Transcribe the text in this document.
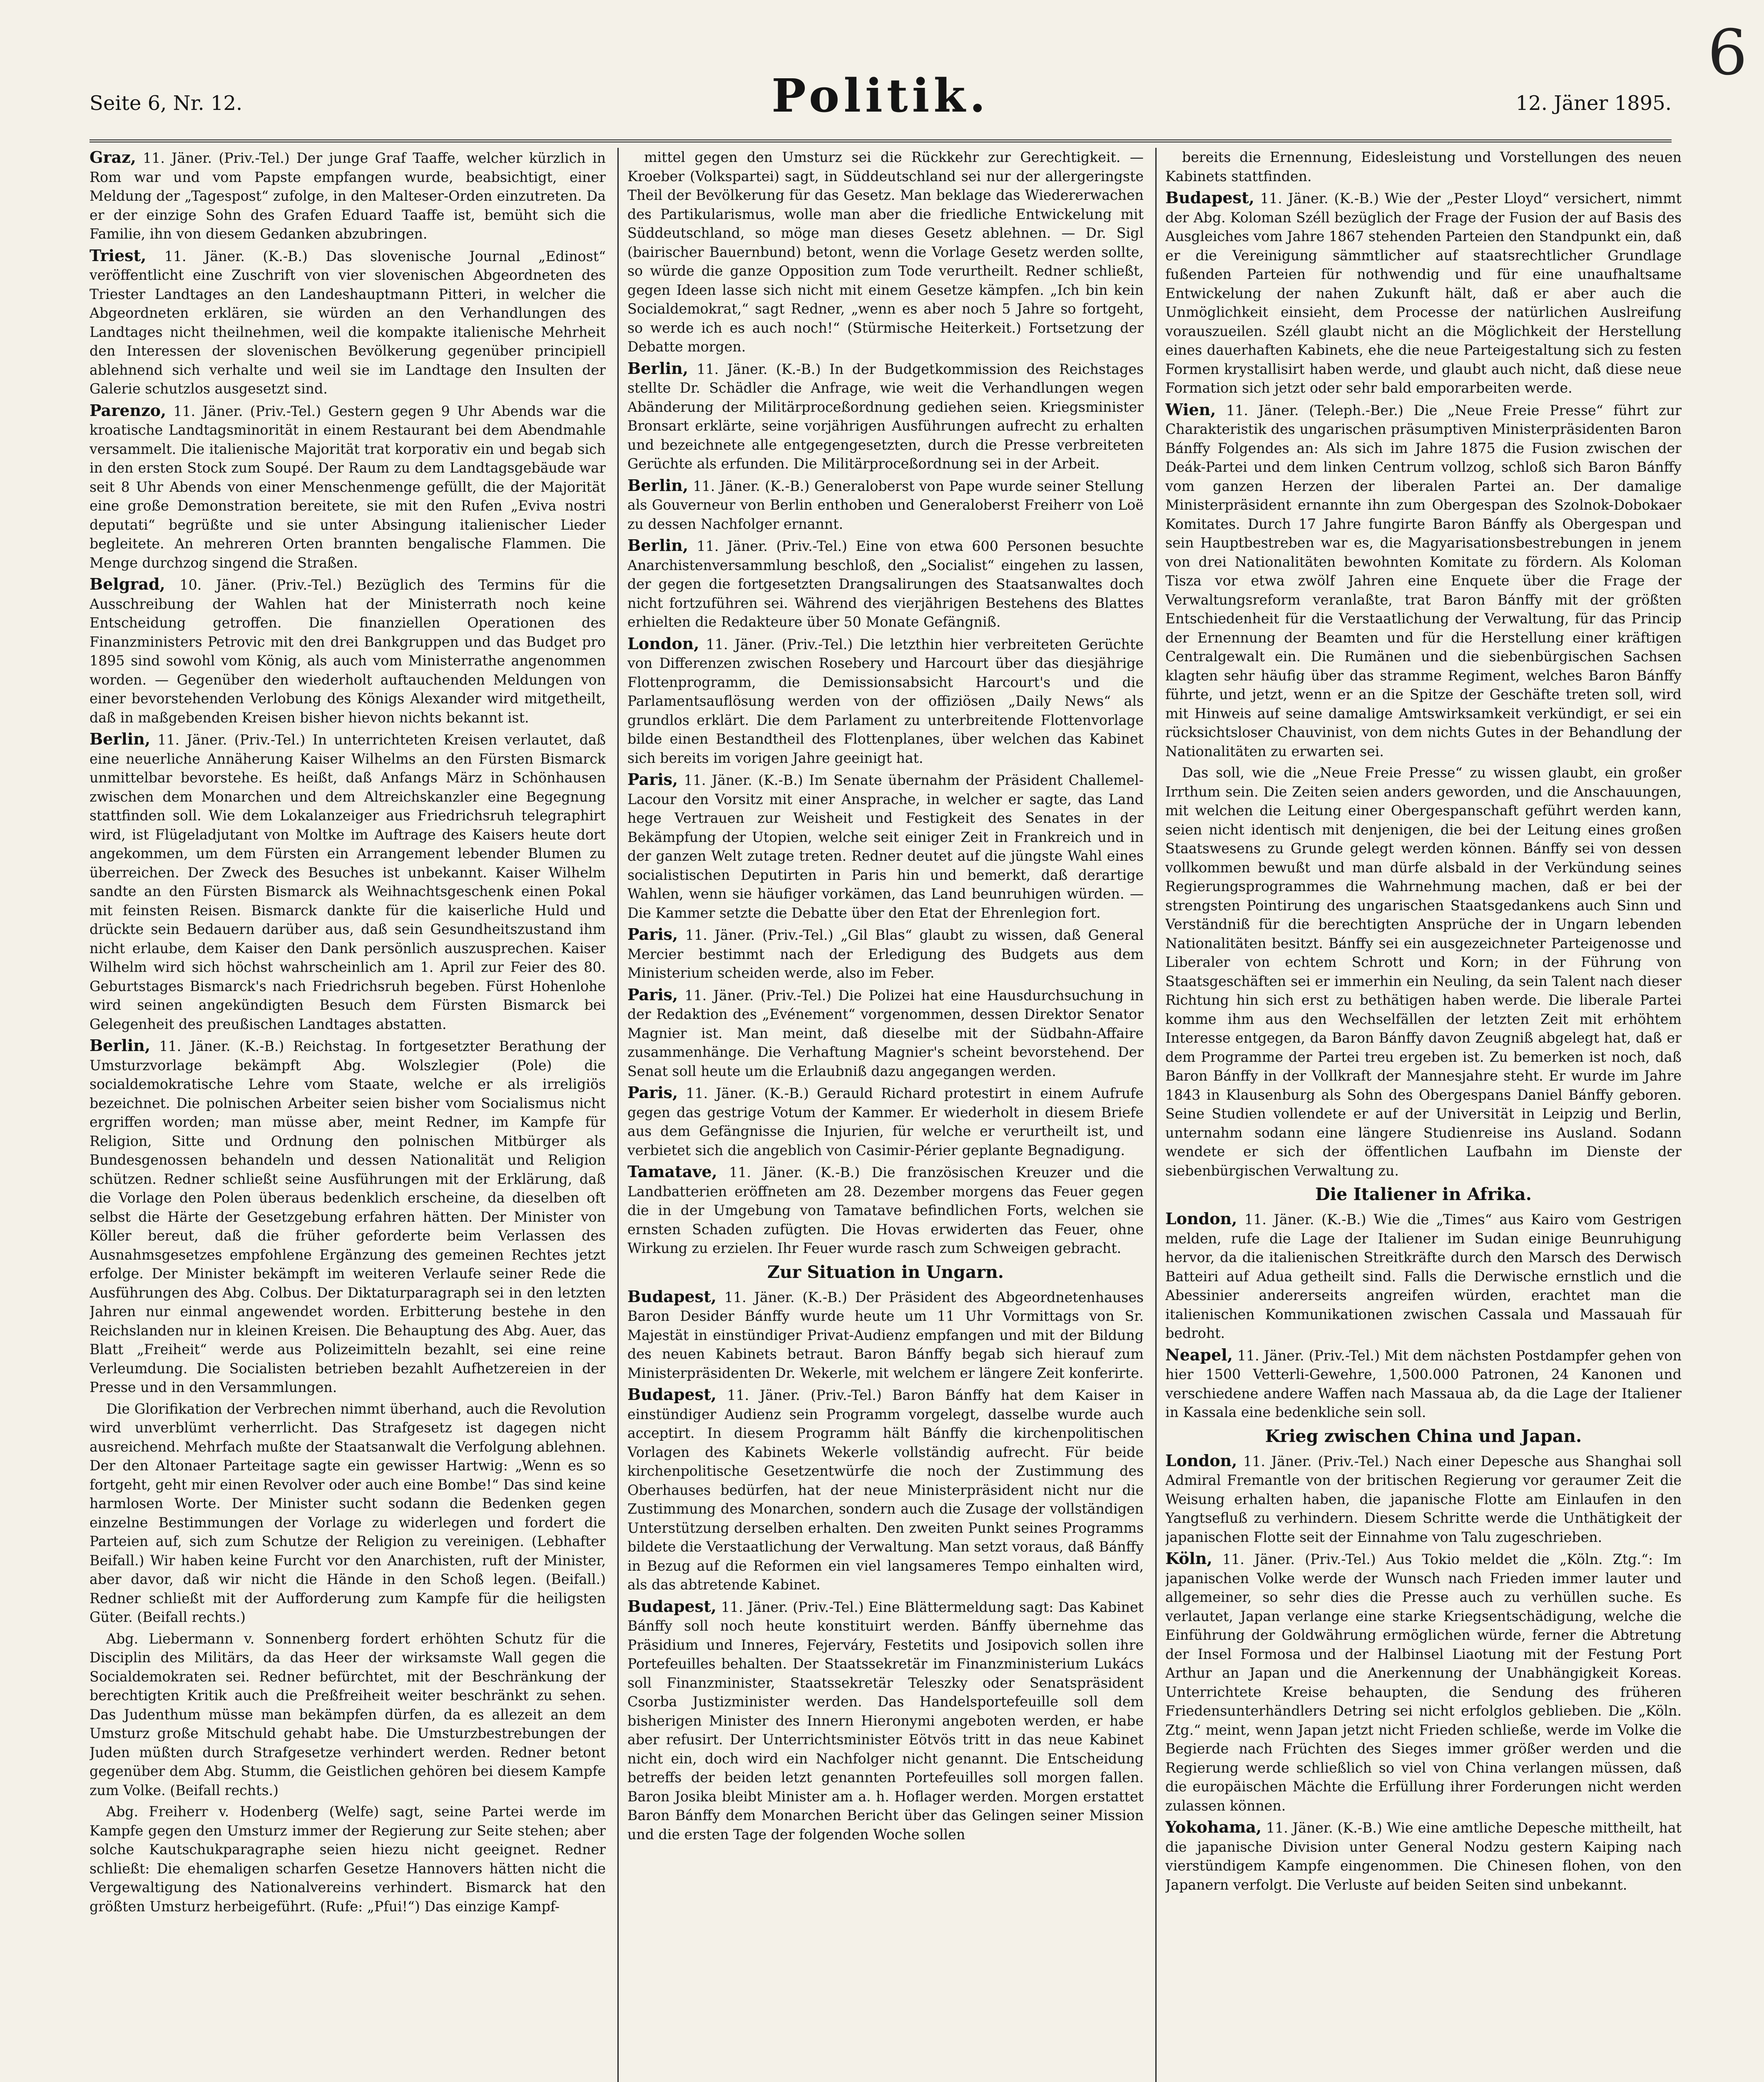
Seite 6, Nr. 12.	Politik.	12. Jäner 1895.
6

Graz, 11. Jäner. (Priv.-Tel.) Der junge Graf Taaffe, welcher kürzlich in Rom war und vom Papste empfangen wurde, beabsichtigt, einer Meldung der „Tagespost“ zufolge, in den Malteser-Orden einzutreten. Da er der einzige Sohn des Grafen Eduard Taaffe ist, bemüht sich die Familie, ihn von diesem Gedanken abzubringen.

Triest, 11. Jäner. (K.-B.) Das slovenische Journal „Edinost“ veröffentlicht eine Zuschrift von vier slovenischen Abgeordneten des Triester Landtages an den Landeshauptmann Pitteri, in welcher die Abgeordneten erklären, sie würden an den Verhandlungen des Landtages nicht theilnehmen, weil die kompakte italienische Mehrheit den Interessen der slovenischen Bevölkerung gegenüber principiell ablehnend sich verhalte und weil sie im Landtage den Insulten der Galerie schutzlos ausgesetzt sind.

Parenzo, 11. Jäner. (Priv.-Tel.) Gestern gegen 9 Uhr Abends war die kroatische Landtagsminorität in einem Restaurant bei dem Abendmahle versammelt. Die italienische Majorität trat korporativ ein und begab sich in den ersten Stock zum Soupé. Der Raum zu dem Landtagsgebäude war seit 8 Uhr Abends von einer Menschenmenge gefüllt, die der Majorität eine große Demonstration bereitete, sie mit den Rufen „Eviva nostri deputati“ begrüßte und sie unter Absingung italienischer Lieder begleitete. An mehreren Orten brannten bengalische Flammen. Die Menge durchzog singend die Straßen.

Belgrad, 10. Jäner. (Priv.-Tel.) Bezüglich des Termins für die Ausschreibung der Wahlen hat der Ministerrath noch keine Entscheidung getroffen. Die finanziellen Operationen des Finanzministers Petrovic mit den drei Bankgruppen und das Budget pro 1895 sind sowohl vom König, als auch vom Ministerrathe angenommen worden. — Gegenüber den wiederholt auftauchenden Meldungen von einer bevorstehenden Verlobung des Königs Alexander wird mitgetheilt, daß in maßgebenden Kreisen bisher hievon nichts bekannt ist.

Berlin, 11. Jäner. (Priv.-Tel.) In unterrichteten Kreisen verlautet, daß eine neuerliche Annäherung Kaiser Wilhelms an den Fürsten Bismarck unmittelbar bevorstehe. Es heißt, daß Anfangs März in Schönhausen zwischen dem Monarchen und dem Altreichskanzler eine Begegnung stattfinden soll. Wie dem Lokalanzeiger aus Friedrichsruh telegraphirt wird, ist Flügeladjutant von Moltke im Auftrage des Kaisers heute dort angekommen, um dem Fürsten ein Arrangement lebender Blumen zu überreichen. Der Zweck des Besuches ist unbekannt. Kaiser Wilhelm sandte an den Fürsten Bismarck als Weihnachtsgeschenk einen Pokal mit feinsten Reisen. Bismarck dankte für die kaiserliche Huld und drückte sein Bedauern darüber aus, daß sein Gesundheitszustand ihm nicht erlaube, dem Kaiser den Dank persönlich auszusprechen. Kaiser Wilhelm wird sich höchst wahrscheinlich am 1. April zur Feier des 80. Geburtstages Bismarck's nach Friedrichsruh begeben. Fürst Hohenlohe wird seinen angekündigten Besuch dem Fürsten Bismarck bei Gelegenheit des preußischen Landtages abstatten.

Berlin, 11. Jäner. (K.-B.) Reichstag. In fortgesetzter Berathung der Umsturzvorlage bekämpft Abg. Wolszlegier (Pole) die socialdemokratische Lehre vom Staate, welche er als irreligiös bezeichnet. Die polnischen Arbeiter seien bisher vom Socialismus nicht ergriffen worden; man müsse aber, meint Redner, im Kampfe für Religion, Sitte und Ordnung den polnischen Mitbürger als Bundesgenossen behandeln und dessen Nationalität und Religion schützen. Redner schließt seine Ausführungen mit der Erklärung, daß die Vorlage den Polen überaus bedenklich erscheine, da dieselben oft selbst die Härte der Gesetzgebung erfahren hätten. Der Minister von Köller bereut, daß die früher geforderte beim Verlassen des Ausnahmsgesetzes empfohlene Ergänzung des gemeinen Rechtes jetzt erfolge. Der Minister bekämpft im weiteren Verlaufe seiner Rede die Ausführungen des Abg. Colbus. Der Diktaturparagraph sei in den letzten Jahren nur einmal angewendet worden. Erbitterung bestehe in den Reichslanden nur in kleinen Kreisen. Die Behauptung des Abg. Auer, das Blatt „Freiheit“ werde aus Polizeimitteln bezahlt, sei eine reine Verleumdung. Die Socialisten betrieben bezahlt Aufhetzereien in der Presse und in den Versammlungen.

Die Glorifikation der Verbrechen nimmt überhand, auch die Revolution wird unverblümt verherrlicht. Das Strafgesetz ist dagegen nicht ausreichend. Mehrfach mußte der Staatsanwalt die Verfolgung ablehnen. Der den Altonaer Parteitage sagte ein gewisser Hartwig: „Wenn es so fortgeht, geht mir einen Revolver oder auch eine Bombe!“ Das sind keine harmlosen Worte. Der Minister sucht sodann die Bedenken gegen einzelne Bestimmungen der Vorlage zu widerlegen und fordert die Parteien auf, sich zum Schutze der Religion zu vereinigen. (Lebhafter Beifall.) Wir haben keine Furcht vor den Anarchisten, ruft der Minister, aber davor, daß wir nicht die Hände in den Schoß legen. (Beifall.) Redner schließt mit der Aufforderung zum Kampfe für die heiligsten Güter. (Beifall rechts.)

Abg. Liebermann v. Sonnenberg fordert erhöhten Schutz für die Disciplin des Militärs, da das Heer der wirksamste Wall gegen die Socialdemokraten sei. Redner befürchtet, mit der Beschränkung der berechtigten Kritik auch die Preßfreiheit weiter beschränkt zu sehen. Das Judenthum müsse man bekämpfen dürfen, da es allezeit an dem Umsturz große Mitschuld gehabt habe. Die Umsturzbestrebungen der Juden müßten durch Strafgesetze verhindert werden. Redner betont gegenüber dem Abg. Stumm, die Geistlichen gehören bei diesem Kampfe zum Volke. (Beifall rechts.)

Abg. Freiherr v. Hodenberg (Welfe) sagt, seine Partei werde im Kampfe gegen den Umsturz immer der Regierung zur Seite stehen; aber solche Kautschukparagraphe seien hiezu nicht geeignet. Redner schließt: Die ehemaligen scharfen Gesetze Hannovers hätten nicht die Vergewaltigung des Nationalvereins verhindert. Bismarck hat den größten Umsturz herbeigeführt. (Rufe: „Pfui!“) Das einzige Kampf-

mittel gegen den Umsturz sei die Rückkehr zur Gerechtigkeit. — Kroeber (Volkspartei) sagt, in Süddeutschland sei nur der allergeringste Theil der Bevölkerung für das Gesetz. Man beklage das Wiedererwachen des Partikularismus, wolle man aber die friedliche Entwickelung mit Süddeutschland, so möge man dieses Gesetz ablehnen. — Dr. Sigl (bairischer Bauernbund) betont, wenn die Vorlage Gesetz werden sollte, so würde die ganze Opposition zum Tode verurtheilt. Redner schließt, gegen Ideen lasse sich nicht mit einem Gesetze kämpfen. „Ich bin kein Socialdemokrat,“ sagt Redner, „wenn es aber noch 5 Jahre so fortgeht, so werde ich es auch noch!“ (Stürmische Heiterkeit.) Fortsetzung der Debatte morgen.

Berlin, 11. Jäner. (K.-B.) In der Budgetkommission des Reichstages stellte Dr. Schädler die Anfrage, wie weit die Verhandlungen wegen Abänderung der Militärproceßordnung gediehen seien. Kriegsminister Bronsart erklärte, seine vorjährigen Ausführungen aufrecht zu erhalten und bezeichnete alle entgegengesetzten, durch die Presse verbreiteten Gerüchte als erfunden. Die Militärproceßordnung sei in der Arbeit.

Berlin, 11. Jäner. (K.-B.) Generaloberst von Pape wurde seiner Stellung als Gouverneur von Berlin enthoben und Generaloberst Freiherr von Loë zu dessen Nachfolger ernannt.

Berlin, 11. Jäner. (Priv.-Tel.) Eine von etwa 600 Personen besuchte Anarchistenversammlung beschloß, den „Socialist“ eingehen zu lassen, der gegen die fortgesetzten Drangsalirungen des Staatsanwaltes doch nicht fortzuführen sei. Während des vierjährigen Bestehens des Blattes erhielten die Redakteure über 50 Monate Gefängniß.

London, 11. Jäner. (Priv.-Tel.) Die letzthin hier verbreiteten Gerüchte von Differenzen zwischen Rosebery und Harcourt über das diesjährige Flottenprogramm, die Demissionsabsicht Harcourt's und die Parlamentsauflösung werden von der offiziösen „Daily News“ als grundlos erklärt. Die dem Parlament zu unterbreitende Flottenvorlage bilde einen Bestandtheil des Flottenplanes, über welchen das Kabinet sich bereits im vorigen Jahre geeinigt hat.

Paris, 11. Jäner. (K.-B.) Im Senate übernahm der Präsident Challemel-Lacour den Vorsitz mit einer Ansprache, in welcher er sagte, das Land hege Vertrauen zur Weisheit und Festigkeit des Senates in der Bekämpfung der Utopien, welche seit einiger Zeit in Frankreich und in der ganzen Welt zutage treten. Redner deutet auf die jüngste Wahl eines socialistischen Deputirten in Paris hin und bemerkt, daß derartige Wahlen, wenn sie häufiger vorkämen, das Land beunruhigen würden. — Die Kammer setzte die Debatte über den Etat der Ehrenlegion fort.

Paris, 11. Jäner. (Priv.-Tel.) „Gil Blas“ glaubt zu wissen, daß General Mercier bestimmt nach der Erledigung des Budgets aus dem Ministerium scheiden werde, also im Feber.

Paris, 11. Jäner. (Priv.-Tel.) Die Polizei hat eine Hausdurchsuchung in der Redaktion des „Evénement“ vorgenommen, dessen Direktor Senator Magnier ist. Man meint, daß dieselbe mit der Südbahn-Affaire zusammenhänge. Die Verhaftung Magnier's scheint bevorstehend. Der Senat soll heute um die Erlaubniß dazu angegangen werden.

Paris, 11. Jäner. (K.-B.) Gerauld Richard protestirt in einem Aufrufe gegen das gestrige Votum der Kammer. Er wiederholt in diesem Briefe aus dem Gefängnisse die Injurien, für welche er verurtheilt ist, und verbietet sich die angeblich von Casimir-Périer geplante Begnadigung.

Tamatave, 11. Jäner. (K.-B.) Die französischen Kreuzer und die Landbatterien eröffneten am 28. Dezember morgens das Feuer gegen die in der Umgebung von Tamatave befindlichen Forts, welchen sie ernsten Schaden zufügten. Die Hovas erwiderten das Feuer, ohne Wirkung zu erzielen. Ihr Feuer wurde rasch zum Schweigen gebracht.

Zur Situation in Ungarn.

Budapest, 11. Jäner. (K.-B.) Der Präsident des Abgeordnetenhauses Baron Desider Bánffy wurde heute um 11 Uhr Vormittags von Sr. Majestät in einstündiger Privat-Audienz empfangen und mit der Bildung des neuen Kabinets betraut. Baron Bánffy begab sich hierauf zum Ministerpräsidenten Dr. Wekerle, mit welchem er längere Zeit konferirte.

Budapest, 11. Jäner. (Priv.-Tel.) Baron Bánffy hat dem Kaiser in einstündiger Audienz sein Programm vorgelegt, dasselbe wurde auch acceptirt. In diesem Programm hält Bánffy die kirchenpolitischen Vorlagen des Kabinets Wekerle vollständig aufrecht. Für beide kirchenpolitische Gesetzentwürfe die noch der Zustimmung des Oberhauses bedürfen, hat der neue Ministerpräsident nicht nur die Zustimmung des Monarchen, sondern auch die Zusage der vollständigen Unterstützung derselben erhalten. Den zweiten Punkt seines Programms bildete die Verstaatlichung der Verwaltung. Man setzt voraus, daß Bánffy in Bezug auf die Reformen ein viel langsameres Tempo einhalten wird, als das abtretende Kabinet.

Budapest, 11. Jäner. (Priv.-Tel.) Eine Blättermeldung sagt: Das Kabinet Bánffy soll noch heute konstituirt werden. Bánffy übernehme das Präsidium und Inneres, Fejerváry, Festetits und Josipovich sollen ihre Portefeuilles behalten. Der Staatssekretär im Finanzministerium Lukács soll Finanzminister, Staatssekretär Teleszky oder Senatspräsident Csorba Justizminister werden. Das Handelsportefeuille soll dem bisherigen Minister des Innern Hieronymi angeboten werden, er habe aber refusirt. Der Unterrichtsminister Eötvös tritt in das neue Kabinet nicht ein, doch wird ein Nachfolger nicht genannt. Die Entscheidung betreffs der beiden letzt genannten Portefeuilles soll morgen fallen. Baron Josika bleibt Minister am a. h. Hoflager werden. Morgen erstattet Baron Bánffy dem Monarchen Bericht über das Gelingen seiner Mission und die ersten Tage der folgenden Woche sollen

bereits die Ernennung, Eidesleistung und Vorstellungen des neuen Kabinets stattfinden.

Budapest, 11. Jäner. (K.-B.) Wie der „Pester Lloyd“ versichert, nimmt der Abg. Koloman Széll bezüglich der Frage der Fusion der auf Basis des Ausgleiches vom Jahre 1867 stehenden Parteien den Standpunkt ein, daß er die Vereinigung sämmtlicher auf staatsrechtlicher Grundlage fußenden Parteien für nothwendig und für eine unaufhaltsame Entwickelung der nahen Zukunft hält, daß er aber auch die Unmöglichkeit einsieht, dem Processe der natürlichen Auslreifung vorauszueilen. Széll glaubt nicht an die Möglichkeit der Herstellung eines dauerhaften Kabinets, ehe die neue Parteigestaltung sich zu festen Formen krystallisirt haben werde, und glaubt auch nicht, daß diese neue Formation sich jetzt oder sehr bald emporarbeiten werde.

Wien, 11. Jäner. (Teleph.-Ber.) Die „Neue Freie Presse“ führt zur Charakteristik des ungarischen präsumptiven Ministerpräsidenten Baron Bánffy Folgendes an: Als sich im Jahre 1875 die Fusion zwischen der Deák-Partei und dem linken Centrum vollzog, schloß sich Baron Bánffy vom ganzen Herzen der liberalen Partei an. Der damalige Ministerpräsident ernannte ihn zum Obergespan des Szolnok-Dobokaer Komitates. Durch 17 Jahre fungirte Baron Bánffy als Obergespan und sein Hauptbestreben war es, die Magyarisationsbestrebungen in jenem von drei Nationalitäten bewohnten Komitate zu fördern. Als Koloman Tisza vor etwa zwölf Jahren eine Enquete über die Frage der Verwaltungsreform veranlaßte, trat Baron Bánffy mit der größten Entschiedenheit für die Verstaatlichung der Verwaltung, für das Princip der Ernennung der Beamten und für die Herstellung einer kräftigen Centralgewalt ein. Die Rumänen und die siebenbürgischen Sachsen klagten sehr häufig über das stramme Regiment, welches Baron Bánffy führte, und jetzt, wenn er an die Spitze der Geschäfte treten soll, wird mit Hinweis auf seine damalige Amtswirksamkeit verkündigt, er sei ein rücksichtsloser Chauvinist, von dem nichts Gutes in der Behandlung der Nationalitäten zu erwarten sei.

Das soll, wie die „Neue Freie Presse“ zu wissen glaubt, ein großer Irrthum sein. Die Zeiten seien anders geworden, und die Anschauungen, mit welchen die Leitung einer Obergespanschaft geführt werden kann, seien nicht identisch mit denjenigen, die bei der Leitung eines großen Staatswesens zu Grunde gelegt werden können. Bánffy sei von dessen vollkommen bewußt und man dürfe alsbald in der Verkündung seines Regierungsprogrammes die Wahrnehmung machen, daß er bei der strengsten Pointirung des ungarischen Staatsgedankens auch Sinn und Verständniß für die berechtigten Ansprüche der in Ungarn lebenden Nationalitäten besitzt. Bánffy sei ein ausgezeichneter Parteigenosse und Liberaler von echtem Schrott und Korn; in der Führung von Staatsgeschäften sei er immerhin ein Neuling, da sein Talent nach dieser Richtung hin sich erst zu bethätigen haben werde. Die liberale Partei komme ihm aus den Wechselfällen der letzten Zeit mit erhöhtem Interesse entgegen, da Baron Bánffy davon Zeugniß abgelegt hat, daß er dem Programme der Partei treu ergeben ist. Zu bemerken ist noch, daß Baron Bánffy in der Vollkraft der Mannesjahre steht. Er wurde im Jahre 1843 in Klausenburg als Sohn des Obergespans Daniel Bánffy geboren. Seine Studien vollendete er auf der Universität in Leipzig und Berlin, unternahm sodann eine längere Studienreise ins Ausland. Sodann wendete er sich der öffentlichen Laufbahn im Dienste der siebenbürgischen Verwaltung zu.

Die Italiener in Afrika.

London, 11. Jäner. (K.-B.) Wie die „Times“ aus Kairo vom Gestrigen melden, rufe die Lage der Italiener im Sudan einige Beunruhigung hervor, da die italienischen Streitkräfte durch den Marsch des Derwisch Batteiri auf Adua getheilt sind. Falls die Derwische ernstlich und die Abessinier andererseits angreifen würden, erachtet man die italienischen Kommunikationen zwischen Cassala und Massauah für bedroht.

Neapel, 11. Jäner. (Priv.-Tel.) Mit dem nächsten Postdampfer gehen von hier 1500 Vetterli-Gewehre, 1,500.000 Patronen, 24 Kanonen und verschiedene andere Waffen nach Massaua ab, da die Lage der Italiener in Kassala eine bedenkliche sein soll.

Krieg zwischen China und Japan.

London, 11. Jäner. (Priv.-Tel.) Nach einer Depesche aus Shanghai soll Admiral Fremantle von der britischen Regierung vor geraumer Zeit die Weisung erhalten haben, die japanische Flotte am Einlaufen in den Yangtsefluß zu verhindern. Diesem Schritte werde die Unthätigkeit der japanischen Flotte seit der Einnahme von Talu zugeschrieben.

Köln, 11. Jäner. (Priv.-Tel.) Aus Tokio meldet die „Köln. Ztg.“: Im japanischen Volke werde der Wunsch nach Frieden immer lauter und allgemeiner, so sehr dies die Presse auch zu verhüllen suche. Es verlautet, Japan verlange eine starke Kriegsentschädigung, welche die Einführung der Goldwährung ermöglichen würde, ferner die Abtretung der Insel Formosa und der Halbinsel Liaotung mit der Festung Port Arthur an Japan und die Anerkennung der Unabhängigkeit Koreas. Unterrichtete Kreise behaupten, die Sendung des früheren Friedensunterhändlers Detring sei nicht erfolglos geblieben. Die „Köln. Ztg.“ meint, wenn Japan jetzt nicht Frieden schließe, werde im Volke die Begierde nach Früchten des Sieges immer größer werden und die Regierung werde schließlich so viel von China verlangen müssen, daß die europäischen Mächte die Erfüllung ihrer Forderungen nicht werden zulassen können.

Yokohama, 11. Jäner. (K.-B.) Wie eine amtliche Depesche mittheilt, hat die japanische Division unter General Nodzu gestern Kaiping nach vierstündigem Kampfe eingenommen. Die Chinesen flohen, von den Japanern verfolgt. Die Verluste auf beiden Seiten sind unbekannt.
